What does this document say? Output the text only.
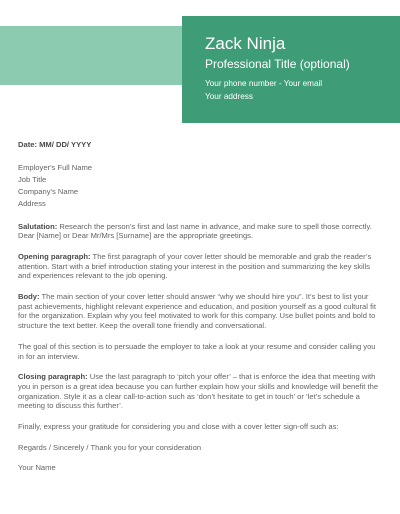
Zack Ninja
Professional Title (optional)
Your phone number - Your email
Your address

Date: MM/ DD/ YYYY

Employer's Full Name
Job Title
Company's Name
Address

Salutation: Research the person’s first and last name in advance, and make sure to spell those correctly. Dear [Name] or Dear Mr/Mrs [Surname] are the appropriate greetings.

Opening paragraph: The first paragraph of your cover letter should be memorable and grab the reader’s attention. Start with a brief introduction stating your interest in the position and summarizing the key skills and experiences relevant to the job opening.

Body: The main section of your cover letter should answer “why we should hire you”. It’s best to list your past achievements, highlight relevant experience and education, and position yourself as a good cultural fit for the organization. Explain why you feel motivated to work for this company. Use bullet points and bold to structure the text better. Keep the overall tone friendly and conversational.

The goal of this section is to persuade the employer to take a look at your resume and consider calling you in for an interview.

Closing paragraph: Use the last paragraph to ‘pitch your offer’ – that is enforce the idea that meeting with you in person is a great idea because you can further explain how your skills and knowledge will benefit the organization. Style it as a clear call-to-action such as ‘don’t hesitate to get in touch’ or ‘let’s schedule a meeting to discuss this further’.

Finally, express your gratitude for considering you and close with a cover letter sign-off such as:

Regards / Sincerely / Thank you for your consideration

Your Name
